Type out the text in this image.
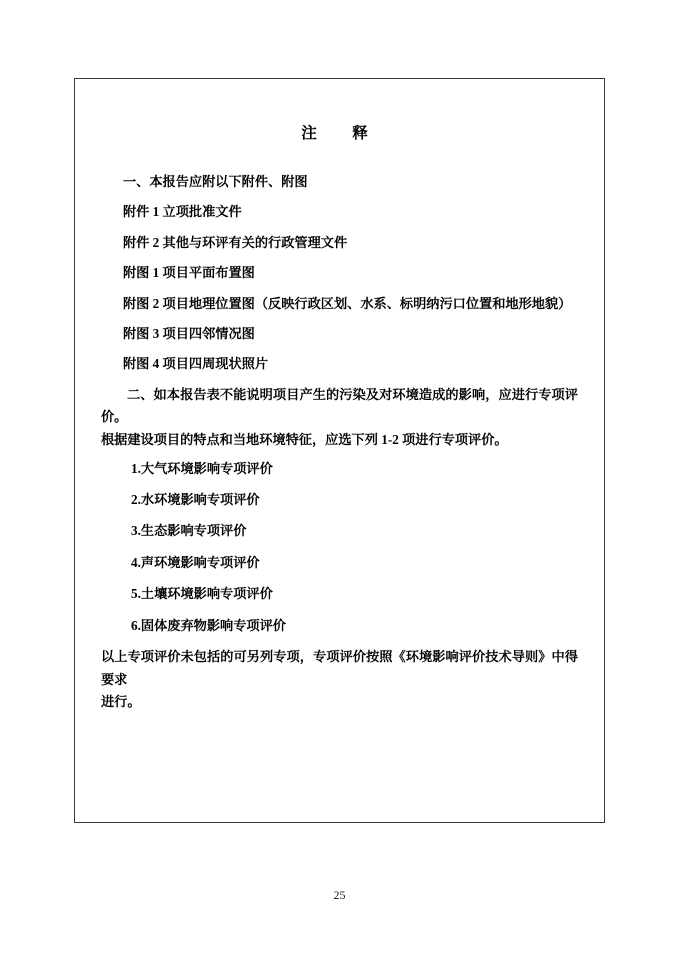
注　释
一、本报告应附以下附件、附图
附件 1 立项批准文件
附件 2 其他与环评有关的行政管理文件
附图 1 项目平面布置图
附图 2 项目地理位置图（反映行政区划、水系、标明纳污口位置和地形地貌）
附图 3 项目四邻情况图
附图 4 项目四周现状照片
二、如本报告表不能说明项目产生的污染及对环境造成的影响，应进行专项评价。
根据建设项目的特点和当地环境特征，应选下列 1-2 项进行专项评价。
1.大气环境影响专项评价
2.水环境影响专项评价
3.生态影响专项评价
4.声环境影响专项评价
5.土壤环境影响专项评价
6.固体废弃物影响专项评价
以上专项评价未包括的可另列专项，专项评价按照《环境影响评价技术导则》中得要求
进行。
25
